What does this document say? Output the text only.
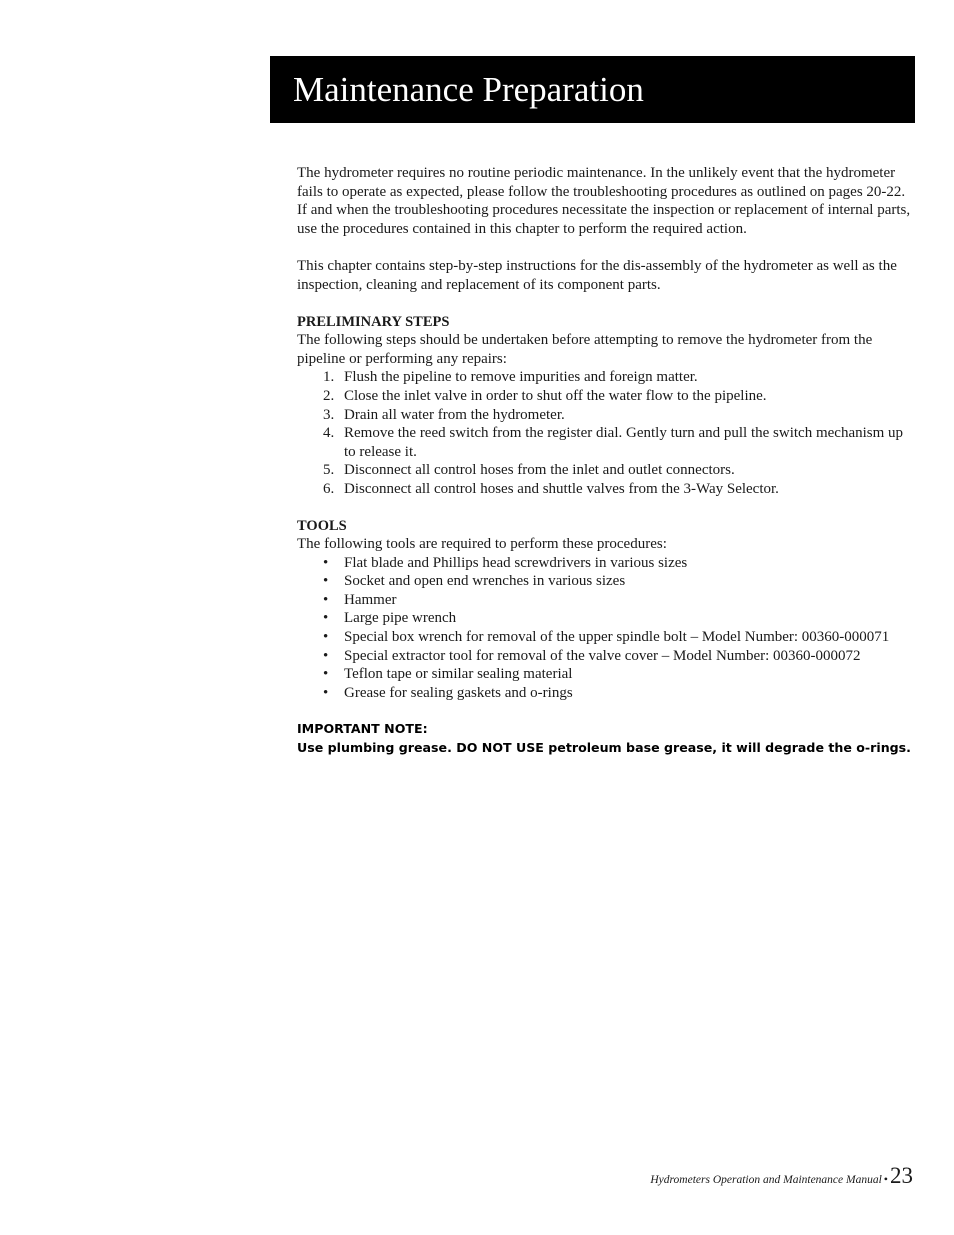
Maintenance Preparation

The hydrometer requires no routine periodic maintenance. In the unlikely event that the hydrometer fails to operate as expected, please follow the troubleshooting procedures as outlined on pages 20-22. If and when the troubleshooting procedures necessitate the inspection or replacement of internal parts, use the procedures contained in this chapter to perform the required action.

This chapter contains step-by-step instructions for the dis-assembly of the hydrometer as well as the inspection, cleaning and replacement of its component parts.

PRELIMINARY STEPS

The following steps should be undertaken before attempting to remove the hydrometer from the pipeline or performing any repairs:

1. Flush the pipeline to remove impurities and foreign matter.
2. Close the inlet valve in order to shut off the water flow to the pipeline.
3. Drain all water from the hydrometer.
4. Remove the reed switch from the register dial. Gently turn and pull the switch mechanism up to release it.
5. Disconnect all control hoses from the inlet and outlet connectors.
6. Disconnect all control hoses and shuttle valves from the 3-Way Selector.

TOOLS

The following tools are required to perform these procedures:

• Flat blade and Phillips head screwdrivers in various sizes
• Socket and open end wrenches in various sizes
• Hammer
• Large pipe wrench
• Special box wrench for removal of the upper spindle bolt – Model Number: 00360-000071
• Special extractor tool for removal of the valve cover – Model Number: 00360-000072
• Teflon tape or similar sealing material
• Grease for sealing gaskets and o-rings
IMPORTANT NOTE:
Use plumbing grease. DO NOT USE petroleum base grease, it will degrade the o-rings.
Hydrometers Operation and Maintenance Manual •23
